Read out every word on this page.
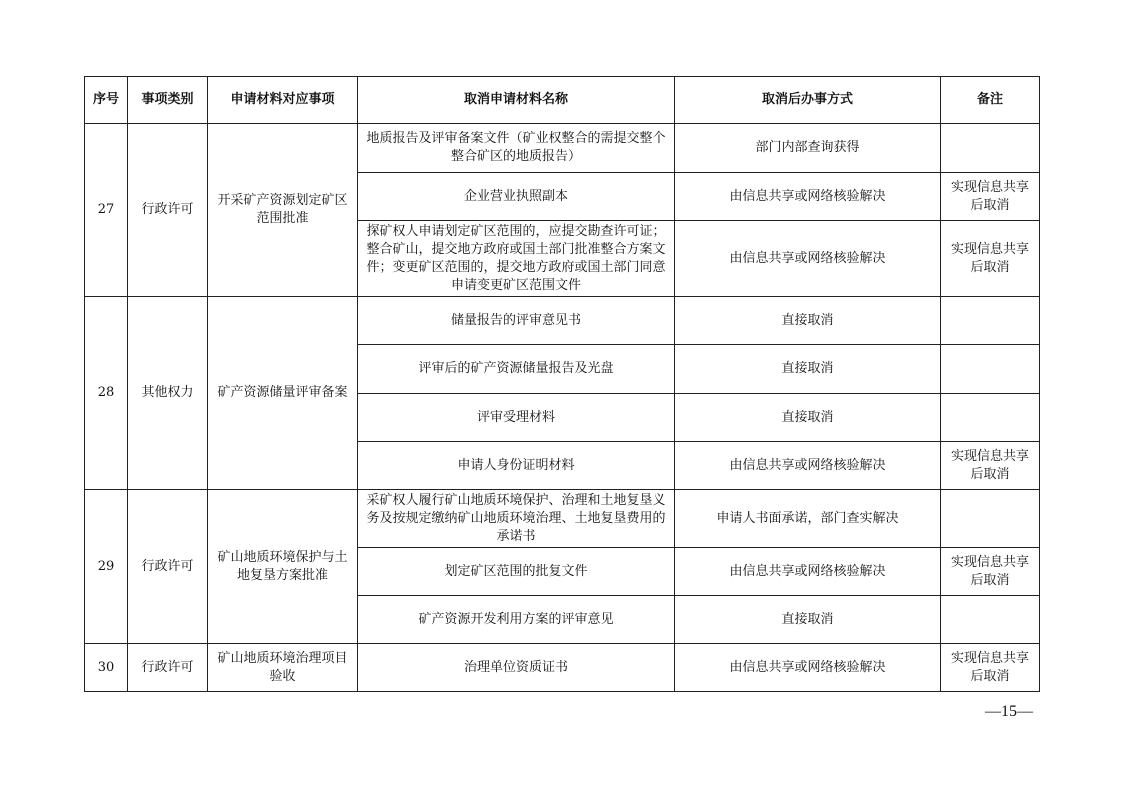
序号	事项类别	申请材料对应事项	取消申请材料名称	取消后办事方式	备注
27	行政许可	开采矿产资源划定矿区范围批准	地质报告及评审备案文件（矿业权整合的需提交整个整合矿区的地质报告）	部门内部查询获得	
			企业营业执照副本	由信息共享或网络核验解决	实现信息共享后取消
			探矿权人申请划定矿区范围的，应提交勘查许可证；整合矿山，提交地方政府或国土部门批准整合方案文件；变更矿区范围的，提交地方政府或国土部门同意申请变更矿区范围文件	由信息共享或网络核验解决	实现信息共享后取消
28	其他权力	矿产资源储量评审备案	储量报告的评审意见书	直接取消	
			评审后的矿产资源储量报告及光盘	直接取消	
			评审受理材料	直接取消	
			申请人身份证明材料	由信息共享或网络核验解决	实现信息共享后取消
29	行政许可	矿山地质环境保护与土地复垦方案批准	采矿权人履行矿山地质环境保护、治理和土地复垦义务及按规定缴纳矿山地质环境治理、土地复垦费用的承诺书	申请人书面承诺，部门查实解决	
			划定矿区范围的批复文件	由信息共享或网络核验解决	实现信息共享后取消
			矿产资源开发利用方案的评审意见	直接取消	
30	行政许可	矿山地质环境治理项目验收	治理单位资质证书	由信息共享或网络核验解决	实现信息共享后取消
—15—
